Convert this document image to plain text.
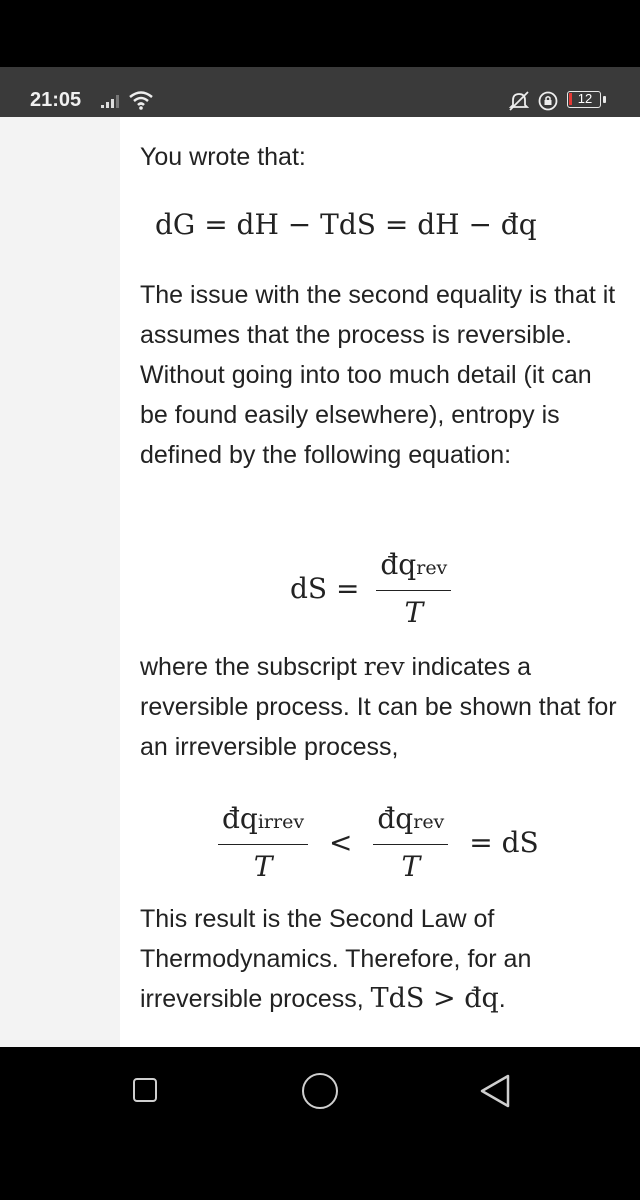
21:05	12

You wrote that:

dG = dH − TdS = dH − đq

The issue with the second equality is that it assumes that the process is reversible. Without going into too much detail (it can be found easily elsewhere), entropy is defined by the following equation:

dS = $\frac{\text{đqrev}}{T}$

where the subscript rev indicates a reversible process. It can be shown that for an irreversible process,

$\frac{\text{đqirrev}}{T} < \frac{\text{đqrev}}{T}$ = dS

This result is the Second Law of Thermodynamics. Therefore, for an irreversible process, TdS > đq.
